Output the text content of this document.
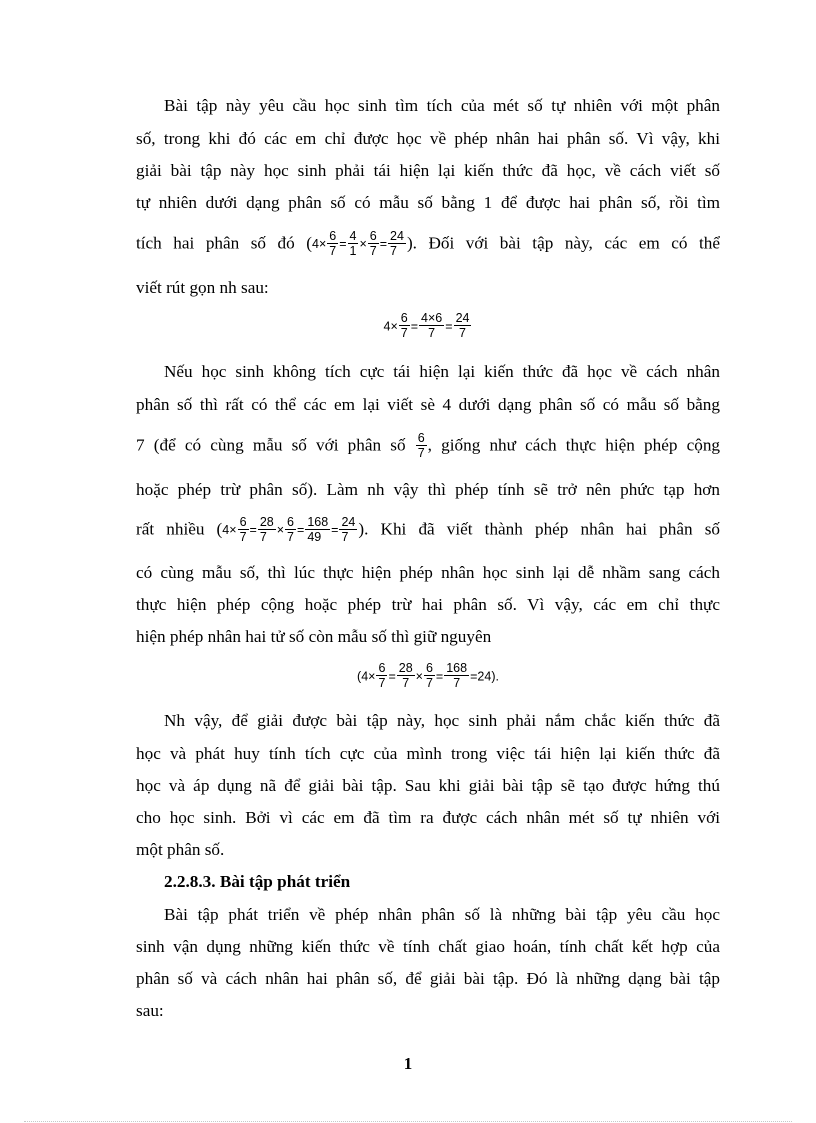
Bài tập này yêu cầu học sinh tìm tích của mét số tự nhiên với một phân
số, trong khi đó các em chỉ được học về phép nhân hai phân số. Vì vậy, khi
giải bài tập này học sinh phải tái hiện lại kiến thức đã học, về cách viết số
tự nhiên dưới dạng phân số có mẫu số bằng 1 để được hai phân số, rồi tìm
tích hai phân số đó ($4\times \frac{6}{7} = \frac{4}{1} \times \frac{6}{7} = \frac{24}{7}$ ). Đối với bài tập này, các em có thể
viết rút gọn nh sau:
$4\times \frac{6}{7} = \frac{4\times 6}{7} = \frac{24}{7}$
Nếu học sinh không tích cực tái hiện lại kiến thức đã học về cách nhân
phân số thì rất có thể các em lại viết sè 4 dưới dạng phân số có mẫu số bằng
7 (để có cùng mẫu số với phân số $\frac{6}{7}$ , giống như cách thực hiện phép cộng
hoặc phép trừ phân số). Làm nh vậy thì phép tính sẽ trở nên phức tạp hơn
rất nhiều ($4\times \frac{6}{7} = \frac{28}{7} \times \frac{6}{7} = \frac{168}{49} = \frac{24}{7}$ ). Khi đã viết thành phép nhân hai phân số
có cùng mẫu số, thì lúc thực hiện phép nhân học sinh lại dễ nhầm sang cách
thực hiện phép cộng hoặc phép trừ hai phân số. Vì vậy, các em chỉ thực
hiện phép nhân hai tử số còn mẫu số thì giữ nguyên
$(4\times \frac{6}{7} = \frac{28}{7} \times \frac{6}{7} = \frac{168}{7} =24)$.
Nh vậy, để giải được bài tập này, học sinh phải nắm chắc kiến thức đã
học và phát huy tính tích cực của mình trong việc tái hiện lại kiến thức đã
học và áp dụng nã để giải bài tập. Sau khi giải bài tập sẽ tạo được hứng thú
cho học sinh. Bởi vì các em đã tìm ra được cách nhân mét số tự nhiên với
một phân số.
2.2.8.3. Bài tập phát triển
Bài tập phát triển về phép nhân phân số là những bài tập yêu cầu học
sinh vận dụng những kiến thức về tính chất giao hoán, tính chất kết hợp của
phân số và cách nhân hai phân số, để giải bài tập. Đó là những dạng bài tập
sau:
1
